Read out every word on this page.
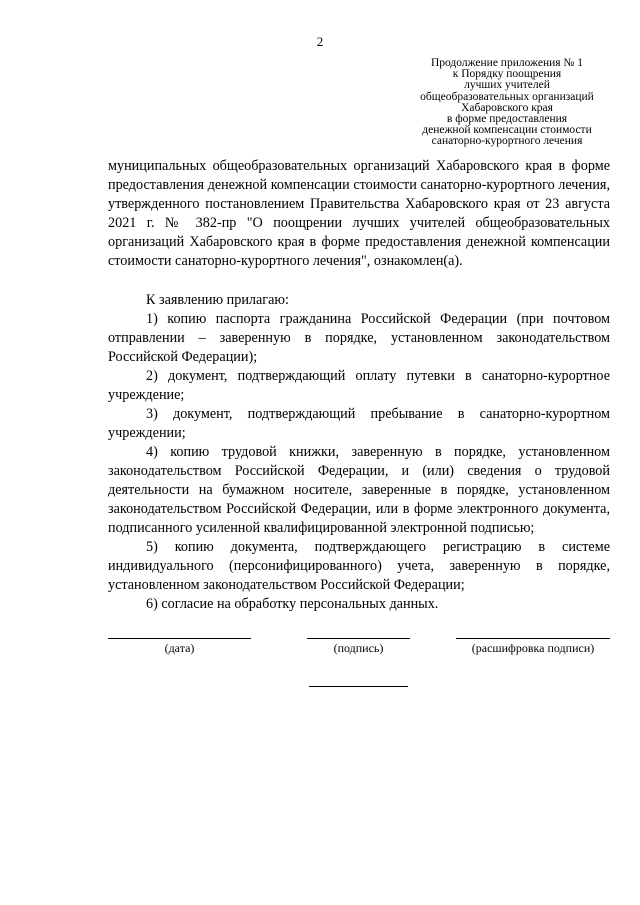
2
Продолжение приложения № 1
к Порядку поощрения
лучших учителей
общеобразовательных организаций
Хабаровского края
в форме предоставления
денежной компенсации стоимости
санаторно-курортного лечения

муниципальных общеобразовательных организаций Хабаровского края в форме предоставления денежной компенсации стоимости санаторно-курортного лечения, утвержденного постановлением Правительства Хабаровского края от 23 августа 2021 г. № 382-пр "О поощрении лучших учителей общеобразовательных организаций Хабаровского края в форме предоставления денежной компенсации стоимости санаторно-курортного лечения", ознакомлен(а).

К заявлению прилагаю:

1) копию паспорта гражданина Российской Федерации (при почтовом отправлении – заверенную в порядке, установленном законодательством Российской Федерации);

2) документ, подтверждающий оплату путевки в санаторно-курортное учреждение;

3) документ, подтверждающий пребывание в санаторно-курортном учреждении;

4) копию трудовой книжки, заверенную в порядке, установленном законодательством Российской Федерации, и (или) сведения о трудовой деятельности на бумажном носителе, заверенные в порядке, установленном законодательством Российской Федерации, или в форме электронного документа, подписанного усиленной квалифицированной электронной подписью;

5) копию документа, подтверждающего регистрацию в системе индивидуального (персонифицированного) учета, заверенную в порядке, установленном законодательством Российской Федерации;

6) согласие на обработку персональных данных.

(дата)	(подпись)	(расшифровка подписи)
